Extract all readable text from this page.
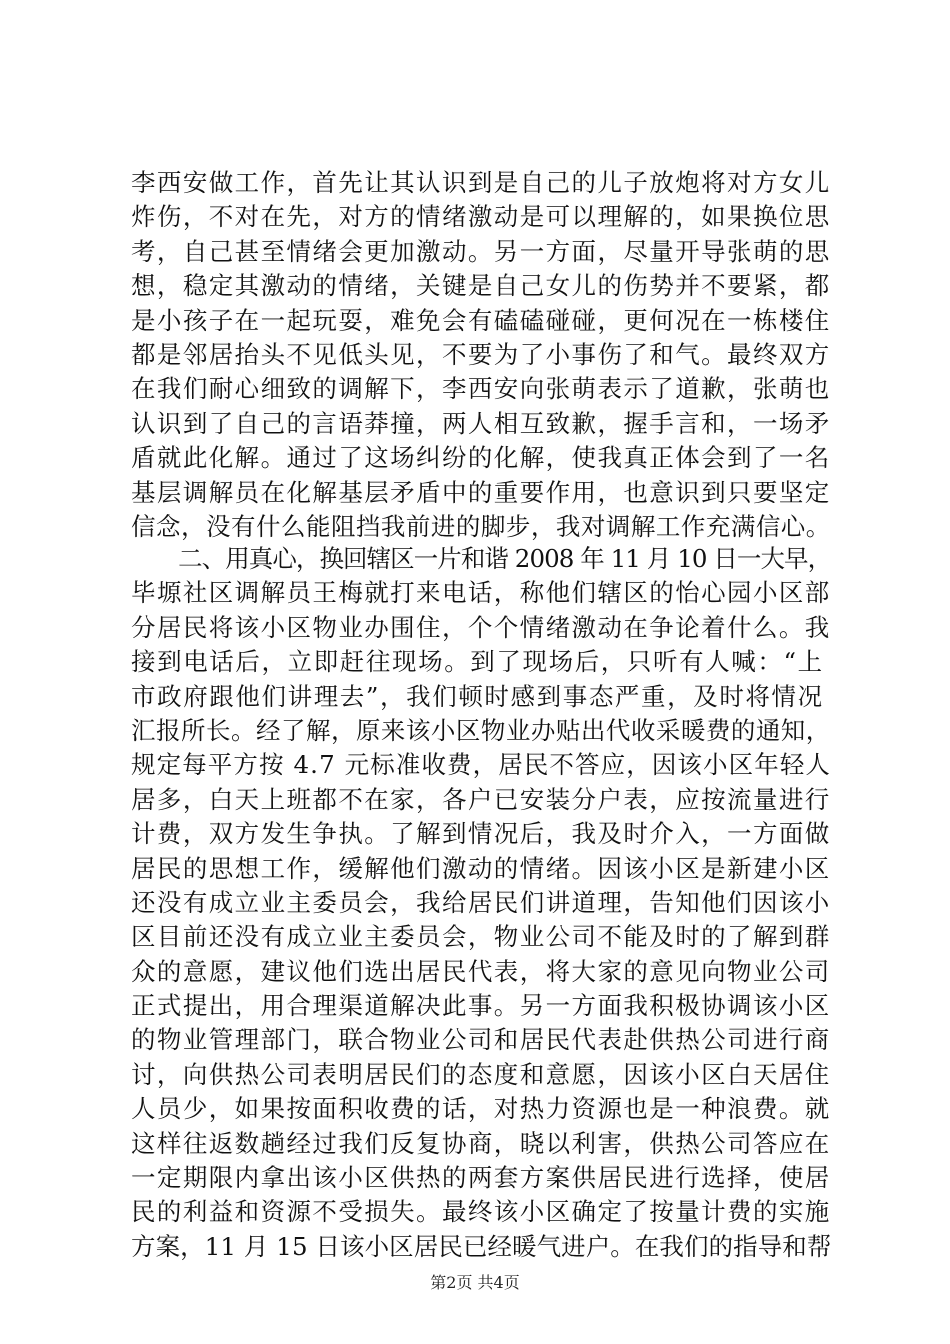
李西安做工作，首先让其认识到是自己的儿子放炮将对方女儿
炸伤，不对在先，对方的情绪激动是可以理解的，如果换位思
考，自己甚至情绪会更加激动。另一方面，尽量开导张萌的思
想，稳定其激动的情绪，关键是自己女儿的伤势并不要紧，都
是小孩子在一起玩耍，难免会有磕磕碰碰，更何况在一栋楼住
都是邻居抬头不见低头见，不要为了小事伤了和气。最终双方
在我们耐心细致的调解下，李西安向张萌表示了道歉，张萌也
认识到了自己的言语莽撞，两人相互致歉，握手言和，一场矛
盾就此化解。通过了这场纠纷的化解，使我真正体会到了一名
基层调解员在化解基层矛盾中的重要作用，也意识到只要坚定
信念，没有什么能阻挡我前进的脚步，我对调解工作充满信心。
　　二、用真心，换回辖区一片和谐 2008 年 11 月 10 日一大早，
毕塬社区调解员王梅就打来电话，称他们辖区的怡心园小区部
分居民将该小区物业办围住，个个情绪激动在争论着什么。我
接到电话后，立即赶往现场。到了现场后，只听有人喊：“上
市政府跟他们讲理去”，我们顿时感到事态严重，及时将情况
汇报所长。经了解，原来该小区物业办贴出代收采暖费的通知，
规定每平方按 4.7 元标准收费，居民不答应，因该小区年轻人
居多，白天上班都不在家，各户已安装分户表，应按流量进行
计费，双方发生争执。了解到情况后，我及时介入，一方面做
居民的思想工作，缓解他们激动的情绪。因该小区是新建小区
还没有成立业主委员会，我给居民们讲道理，告知他们因该小
区目前还没有成立业主委员会，物业公司不能及时的了解到群
众的意愿，建议他们选出居民代表，将大家的意见向物业公司
正式提出，用合理渠道解决此事。另一方面我积极协调该小区
的物业管理部门，联合物业公司和居民代表赴供热公司进行商
讨，向供热公司表明居民们的态度和意愿，因该小区白天居住
人员少，如果按面积收费的话，对热力资源也是一种浪费。就
这样往返数趟经过我们反复协商，晓以利害，供热公司答应在
一定期限内拿出该小区供热的两套方案供居民进行选择，使居
民的利益和资源不受损失。最终该小区确定了按量计费的实施
方案，11 月 15 日该小区居民已经暖气进户。在我们的指导和帮
第2页 共4页
